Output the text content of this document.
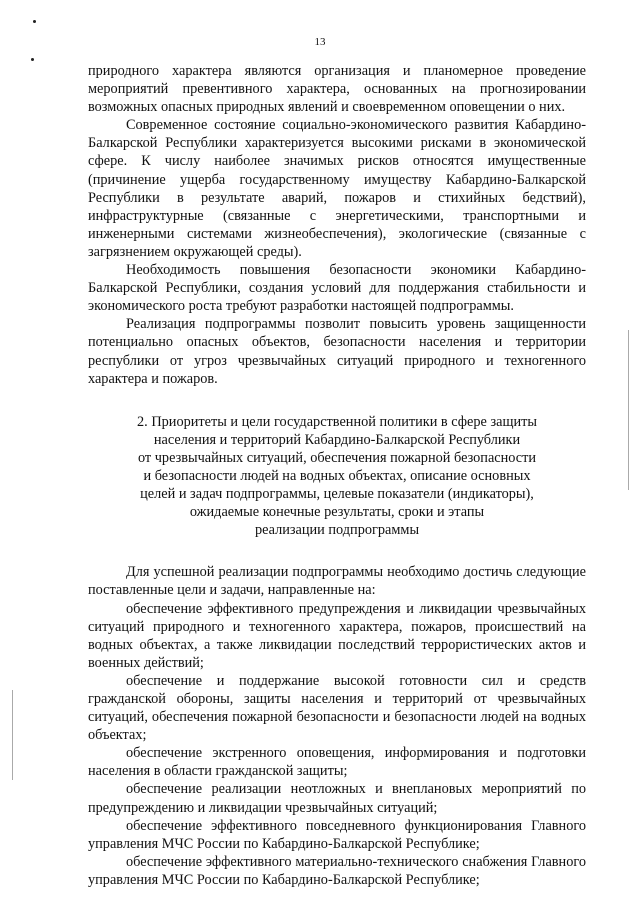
13

природного характера являются организация и планомерное проведение мероприятий превентивного характера, основанных на прогнозировании возможных опасных природных явлений и своевременном оповещении о них.

Современное состояние социально-экономического развития Кабардино-Балкарской Республики характеризуется высокими рисками в экономической сфере. К числу наиболее значимых рисков относятся имущественные (причинение ущерба государственному имуществу Кабардино-Балкарской Республики в результате аварий, пожаров и стихийных бедствий), инфраструктурные (связанные с энергетическими, транспортными и инженерными системами жизнеобеспечения), экологические (связанные с загрязнением окружающей среды).

Необходимость повышения безопасности экономики Кабардино-Балкарской Республики, создания условий для поддержания стабильности и экономического роста требуют разработки настоящей подпрограммы.

Реализация подпрограммы позволит повысить уровень защищенности потенциально опасных объектов, безопасности населения и территории республики от угроз чрезвычайных ситуаций природного и техногенного характера и пожаров.

2. Приоритеты и цели государственной политики в сфере защиты
населения и территорий Кабардино-Балкарской Республики
от чрезвычайных ситуаций, обеспечения пожарной безопасности
и безопасности людей на водных объектах, описание основных
целей и задач подпрограммы, целевые показатели (индикаторы),
ожидаемые конечные результаты, сроки и этапы
реализации подпрограммы

Для успешной реализации подпрограммы необходимо достичь следующие поставленные цели и задачи, направленные на:

обеспечение эффективного предупреждения и ликвидации чрезвычайных ситуаций природного и техногенного характера, пожаров, происшествий на водных объектах, а также ликвидации последствий террористических актов и военных действий;

обеспечение и поддержание высокой готовности сил и средств гражданской обороны, защиты населения и территорий от чрезвычайных ситуаций, обеспечения пожарной безопасности и безопасности людей на водных объектах;

обеспечение экстренного оповещения, информирования и подготовки населения в области гражданской защиты;

обеспечение реализации неотложных и внеплановых мероприятий по предупреждению и ликвидации чрезвычайных ситуаций;

обеспечение эффективного повседневного функционирования Главного управления МЧС России по Кабардино-Балкарской Республике;

обеспечение эффективного материально-технического снабжения Главного управления МЧС России по Кабардино-Балкарской Республике;
